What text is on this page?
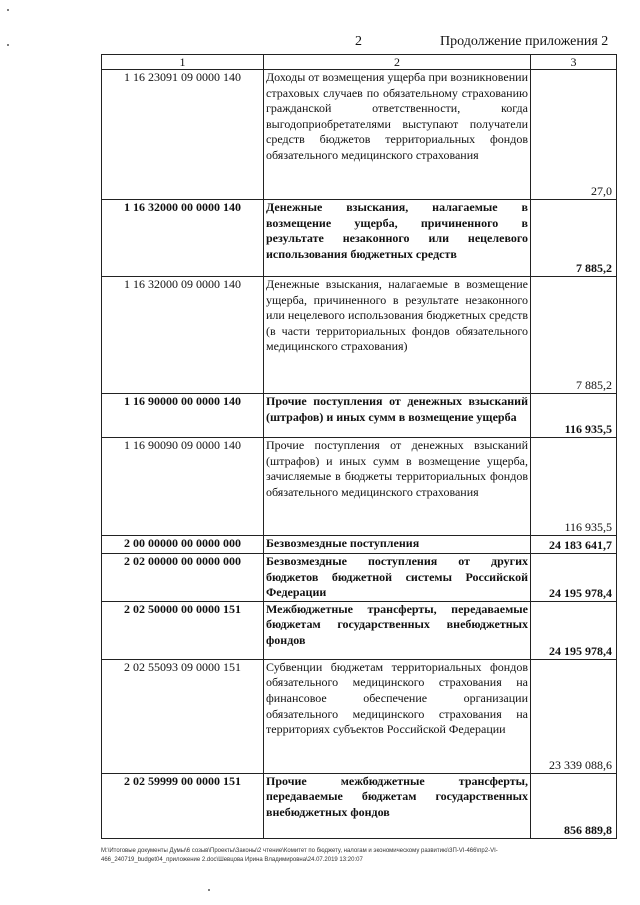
2	Продолжение приложения 2
1	2	3
1 16 23091 09 0000 140	Доходы от возмещения ущерба при возникновении страховых случаев по обязательному страхованию гражданской ответственности, когда выгодоприобретателями выступают получатели средств бюджетов территориальных фондов обязательного медицинского страхования	27,0
1 16 32000 00 0000 140	Денежные взыскания, налагаемые в возмещение ущерба, причиненного в результате незаконного или нецелевого использования бюджетных средств	7 885,2
1 16 32000 09 0000 140	Денежные взыскания, налагаемые в возмещение ущерба, причиненного в результате незаконного или нецелевого использования бюджетных средств (в части территориальных фондов обязательного медицинского страхования)	7 885,2
1 16 90000 00 0000 140	Прочие поступления от денежных взысканий (штрафов) и иных сумм в возмещение ущерба	116 935,5
1 16 90090 09 0000 140	Прочие поступления от денежных взысканий (штрафов) и иных сумм в возмещение ущерба, зачисляемые в бюджеты территориальных фондов обязательного медицинского страхования	116 935,5
2 00 00000 00 0000 000	Безвозмездные поступления	24 183 641,7
2 02 00000 00 0000 000	Безвозмездные поступления от других бюджетов бюджетной системы Российской Федерации	24 195 978,4
2 02 50000 00 0000 151	Межбюджетные трансферты, передаваемые бюджетам государственных внебюджетных фондов	24 195 978,4
2 02 55093 09 0000 151	Субвенции бюджетам территориальных фондов обязательного медицинского страхования на финансовое обеспечение организации обязательного медицинского страхования на территориях субъектов Российской Федерации	23 339 088,6
2 02 59999 00 0000 151	Прочие межбюджетные трансферты, передаваемые бюджетам государственных внебюджетных фондов	856 889,8
М:\Итоговые документы Думы\6 созыв\Проекты\Законы\2 чтение\Комитет по бюджету, налогам и экономическому развитию\3П-VI-466\пр2-VI-466_240719_budget04_приложение 2.doc\Шевцова Ирина Владимировна\24.07.2019 13:20:07
